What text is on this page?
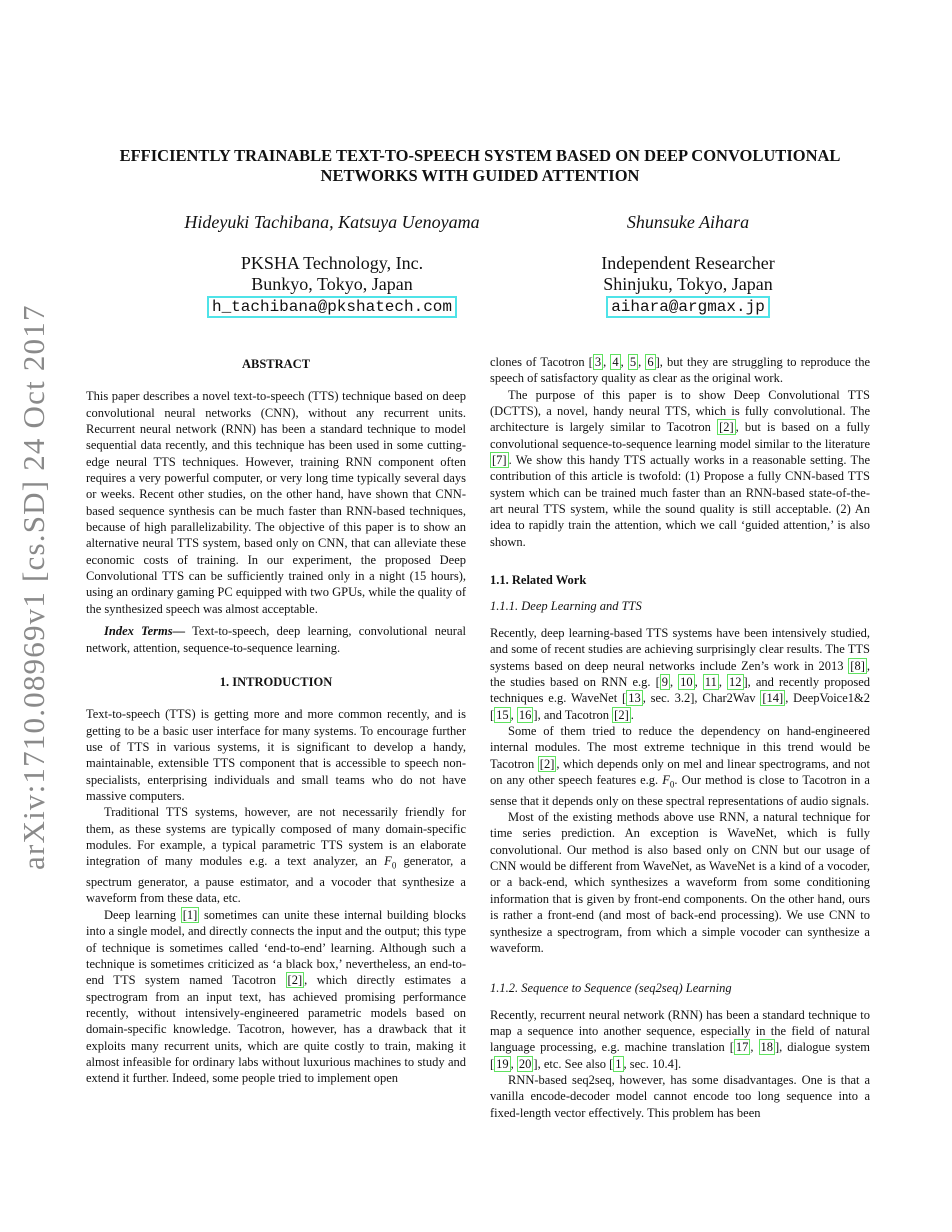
arXiv:1710.08969v1 [cs.SD] 24 Oct 2017
EFFICIENTLY TRAINABLE TEXT-TO-SPEECH SYSTEM BASED ON DEEP CONVOLUTIONAL NETWORKS WITH GUIDED ATTENTION
Hideyuki Tachibana, Katsuya Uenoyama
PKSHA Technology, Inc.
Bunkyo, Tokyo, Japan
h_tachibana@pkshatech.com
Shunsuke Aihara
Independent Researcher
Shinjuku, Tokyo, Japan
aihara@argmax.jp
ABSTRACT

This paper describes a novel text-to-speech (TTS) technique based on deep convolutional neural networks (CNN), without any recurrent units. Recurrent neural network (RNN) has been a standard technique to model sequential data recently, and this technique has been used in some cutting-edge neural TTS techniques. However, training RNN component often requires a very powerful computer, or very long time typically several days or weeks. Recent other studies, on the other hand, have shown that CNN-based sequence synthesis can be much faster than RNN-based techniques, because of high parallelizability. The objective of this paper is to show an alternative neural TTS system, based only on CNN, that can alleviate these economic costs of training. In our experiment, the proposed Deep Convolutional TTS can be sufficiently trained only in a night (15 hours), using an ordinary gaming PC equipped with two GPUs, while the quality of the synthesized speech was almost acceptable.

Index Terms— Text-to-speech, deep learning, convolutional neural network, attention, sequence-to-sequence learning.

1. INTRODUCTION

Text-to-speech (TTS) is getting more and more common recently, and is getting to be a basic user interface for many systems. To encourage further use of TTS in various systems, it is significant to develop a handy, maintainable, extensible TTS component that is accessible to speech non-specialists, enterprising individuals and small teams who do not have massive computers.

Traditional TTS systems, however, are not necessarily friendly for them, as these systems are typically composed of many domain-specific modules. For example, a typical parametric TTS system is an elaborate integration of many modules e.g. a text analyzer, an $F_0$ generator, a spectrum generator, a pause estimator, and a vocoder that synthesize a waveform from these data, etc.

Deep learning [1] sometimes can unite these internal building blocks into a single model, and directly connects the input and the output; this type of technique is sometimes called ‘end-to-end’ learning. Although such a technique is sometimes criticized as ‘a black box,’ nevertheless, an end-to-end TTS system named Tacotron [2] , which directly estimates a spectrogram from an input text, has achieved promising performance recently, without intensively-engineered parametric models based on domain-specific knowledge. Tacotron, however, has a drawback that it exploits many recurrent units, which are quite costly to train, making it almost infeasible for ordinary labs without luxurious machines to study and extend it further. Indeed, some people tried to implement open

clones of Tacotron [ 3 , 4 , 5 , 6 ], but they are struggling to reproduce the speech of satisfactory quality as clear as the original work.

The purpose of this paper is to show Deep Convolutional TTS (DCTTS), a novel, handy neural TTS, which is fully convolutional. The architecture is largely similar to Tacotron [2] , but is based on a fully convolutional sequence-to-sequence learning model similar to the literature [7] . We show this handy TTS actually works in a reasonable setting. The contribution of this article is twofold: (1) Propose a fully CNN-based TTS system which can be trained much faster than an RNN-based state-of-the-art neural TTS system, while the sound quality is still acceptable. (2) An idea to rapidly train the attention, which we call ‘guided attention,’ is also shown.

1.1. Related Work
1.1.1. Deep Learning and TTS

Recently, deep learning-based TTS systems have been intensively studied, and some of recent studies are achieving surprisingly clear results. The TTS systems based on deep neural networks include Zen’s work in 2013 [8] , the studies based on RNN e.g. [ 9 , 10 , 11 , 12 ], and recently proposed techniques e.g. WaveNet [ 13 , sec. 3.2], Char2Wav [14] , DeepVoice1&2 [ 15 , 16 ], and Tacotron [2] .

Some of them tried to reduce the dependency on hand-engineered internal modules. The most extreme technique in this trend would be Tacotron [2] , which depends only on mel and linear spectrograms, and not on any other speech features e.g. $F_0$. Our method is close to Tacotron in a sense that it depends only on these spectral representations of audio signals.

Most of the existing methods above use RNN, a natural technique for time series prediction. An exception is WaveNet, which is fully convolutional. Our method is also based only on CNN but our usage of CNN would be different from WaveNet, as WaveNet is a kind of a vocoder, or a back-end, which synthesizes a waveform from some conditioning information that is given by front-end components. On the other hand, ours is rather a front-end (and most of back-end processing). We use CNN to synthesize a spectrogram, from which a simple vocoder can synthesize a waveform.

1.1.2. Sequence to Sequence (seq2seq) Learning

Recently, recurrent neural network (RNN) has been a standard technique to map a sequence into another sequence, especially in the field of natural language processing, e.g. machine translation [ 17 , 18 ], dialogue system [ 19 , 20 ], etc. See also [ 1 , sec. 10.4].

RNN-based seq2seq, however, has some disadvantages. One is that a vanilla encode-decoder model cannot encode too long sequence into a fixed-length vector effectively. This problem has been
